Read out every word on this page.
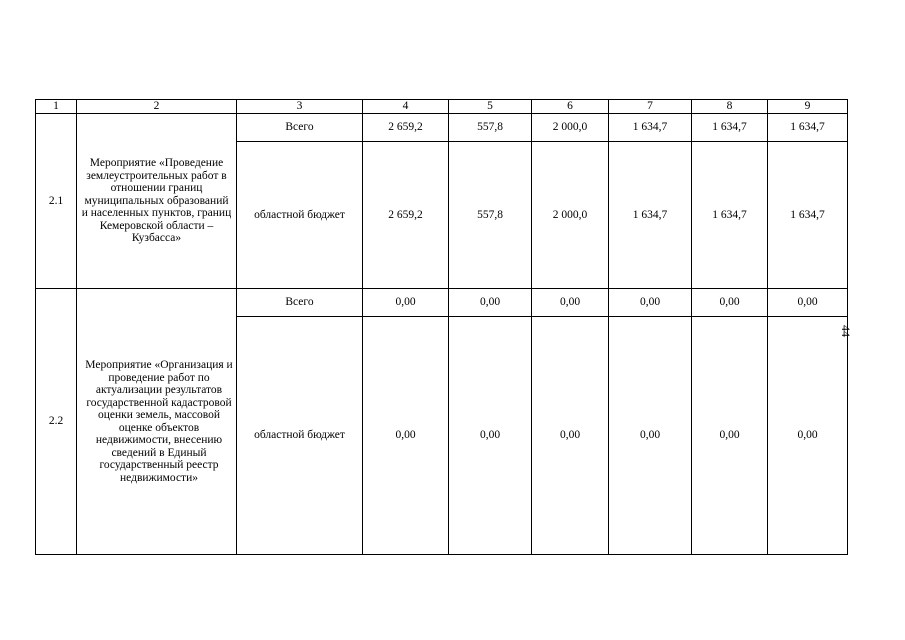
1	2	3	4	5	6	7	8	9
2.1	Мероприятие «Проведение землеустроительных работ в отношении границ муниципальных образований и населенных пунктов, границ Кемеровской области – Кузбасса»	Всего	2 659,2	557,8	2 000,0	1 634,7	1 634,7	1 634,7
		областной бюджет	2 659,2	557,8	2 000,0	1 634,7	1 634,7	1 634,7
2.2	Мероприятие «Организация и проведение работ по актуализации результатов государственной кадастровой оценки земель, массовой оценке объектов недвижимости, внесению сведений в Единый государственный реестр недвижимости»	Всего	0,00	0,00	0,00	0,00	0,00	0,00
		областной бюджет	0,00	0,00	0,00	0,00	0,00	0,00
44
